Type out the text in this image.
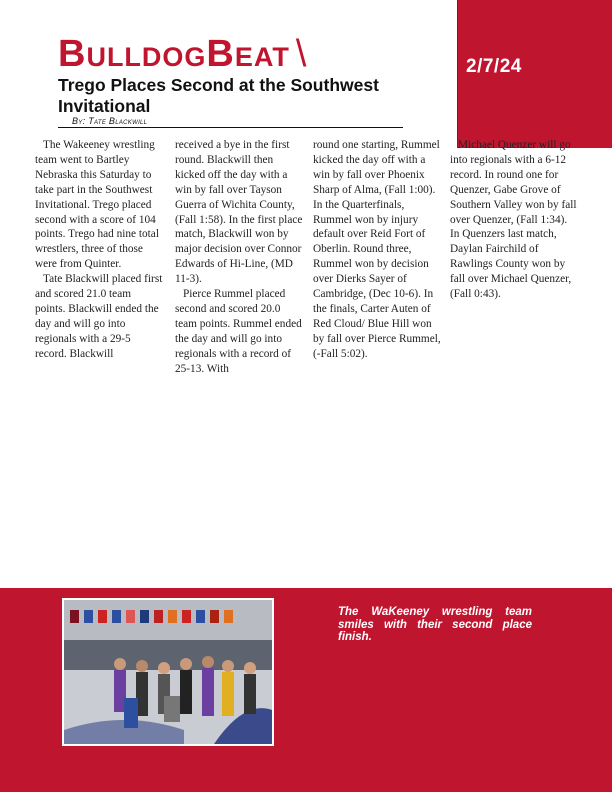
2/7/24
BulldogBeat \
Trego Places Second at the Southwest Invitational
By: Tate Blackwill

The Wakeeney wrestling team went to Bartley Nebraska this Saturday to take part in the Southwest Invitational. Trego placed second with a score of 104 points. Trego had nine total wrestlers, three of those were from Quinter.

Tate Blackwill placed first and scored 21.0 team points. Blackwill ended the day and will go into regionals with a 29-5 record. Blackwill

received a bye in the first round. Blackwill then kicked off the day with a win by fall over Tayson Guerra of Wichita County, (Fall 1:58). In the first place match, Blackwill won by major decision over Connor Edwards of Hi-Line, (MD 11-3).

Pierce Rummel placed second and scored 20.0 team points. Rummel ended the day and will go into regionals with a record of 25-13. With

round one starting, Rummel kicked the day off with a win by fall over Phoenix Sharp of Alma, (Fall 1:00). In the Quarterfinals, Rummel won by injury default over Reid Fort of Oberlin. Round three, Rummel won by decision over Dierks Sayer of Cambridge, (Dec 10-6). In the finals, Carter Auten of Red Cloud/ Blue Hill won by fall over Pierce Rummel,(-Fall 5:02).

Michael Quenzer will go into regionals with a 6-12 record. In round one for Quenzer, Gabe Grove of Southern Valley won by fall over Quenzer, (Fall 1:34). In Quenzers last match, Daylan Fairchild of Rawlings County won by fall over Michael Quenzer, (Fall 0:43).

The WaKeeney wrestling team smiles with their second place finish.
